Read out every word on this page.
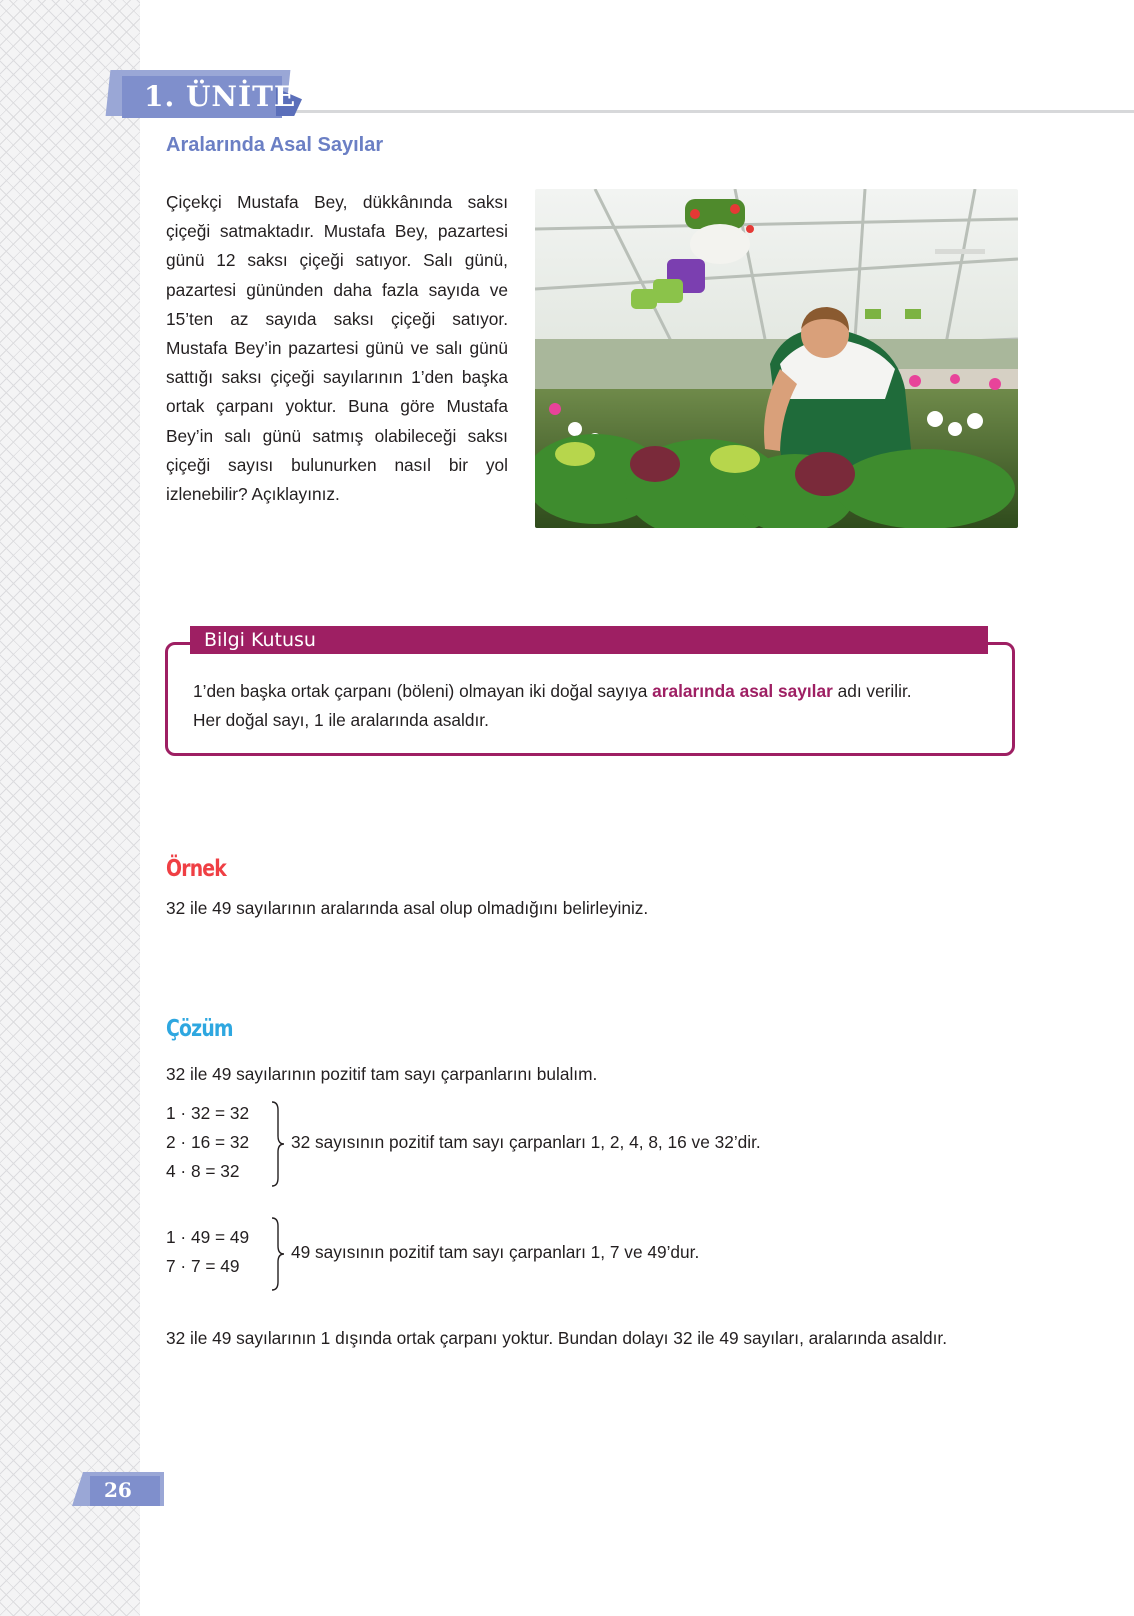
1. ÜNİTE
Aralarında Asal Sayılar
Çiçekçi Mustafa Bey, dükkânında saksı çiçeği satmaktadır. Mustafa Bey, pazartesi günü 12 saksı çiçeği satıyor. Salı günü, pazartesi gününden daha fazla sayıda ve 15’ten az sayıda saksı çiçeği satıyor. Mustafa Bey’in pazartesi günü ve salı günü sattığı saksı çiçeği sayılarının 1’den başka ortak çarpanı yoktur. Buna göre Mustafa Bey’in salı günü satmış olabileceği saksı çiçeği sayısı bulunurken nasıl bir yol izlenebilir? Açıklayınız.
Bilgi Kutusu
1’den başka ortak çarpanı (böleni) olmayan iki doğal sayıya aralarında asal sayılar adı verilir.
Her doğal sayı, 1 ile aralarında asaldır.
Örnek
32 ile 49 sayılarının aralarında asal olup olmadığını belirleyiniz.
Çözüm
32 ile 49 sayılarının pozitif tam sayı çarpanlarını bulalım.
1 · 32 = 32
2 · 16 = 32
4 · 8 = 32
32 sayısının pozitif tam sayı çarpanları 1, 2, 4, 8, 16 ve 32’dir.
1 · 49 = 49
7 · 7 = 49
49 sayısının pozitif tam sayı çarpanları 1, 7 ve 49’dur.
32 ile 49 sayılarının 1 dışında ortak çarpanı yoktur. Bundan dolayı 32 ile 49 sayıları, aralarında asaldır.
26
